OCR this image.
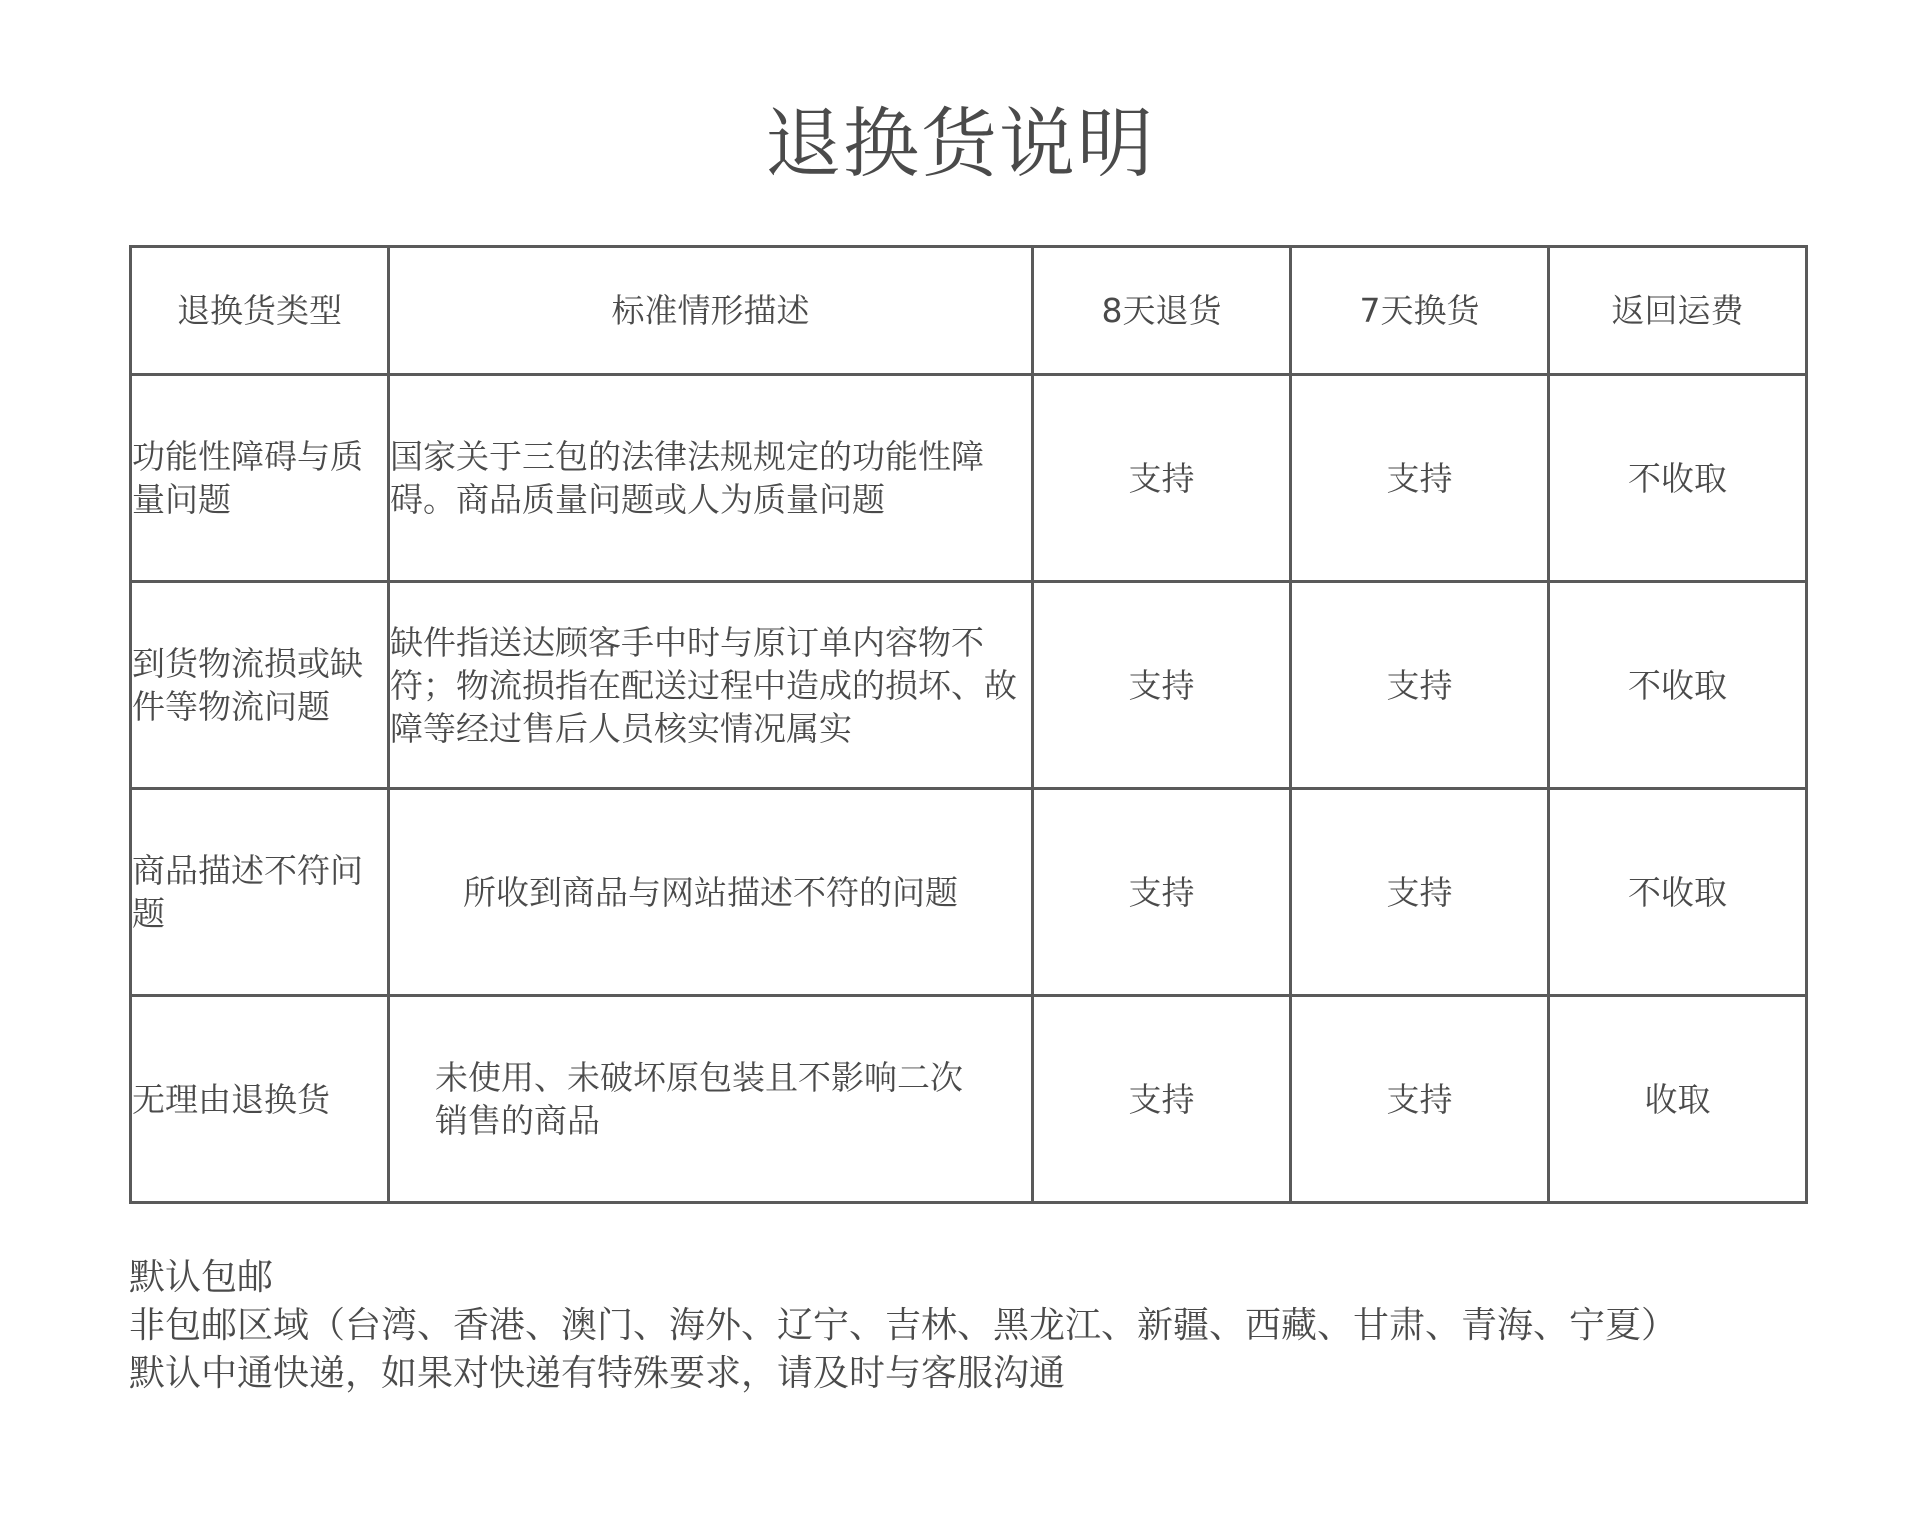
退换货说明
退换货类型	标准情形描述	8天退货	7天换货	返回运费
功能性障碍与质量问题	国家关于三包的法律法规规定的功能性障碍。商品质量问题或人为质量问题	支持	支持	不收取
到货物流损或缺件等物流问题	缺件指送达顾客手中时与原订单内容物不符；物流损指在配送过程中造成的损坏、故障等经过售后人员核实情况属实	支持	支持	不收取
商品描述不符问题	所收到商品与网站描述不符的问题	支持	支持	不收取
无理由退换货	未使用、未破坏原包装且不影响二次销售的商品	支持	支持	收取
默认包邮
非包邮区域（台湾、香港、澳门、海外、辽宁、吉林、黑龙江、新疆、西藏、甘肃、青海、宁夏）
默认中通快递，如果对快递有特殊要求，请及时与客服沟通
